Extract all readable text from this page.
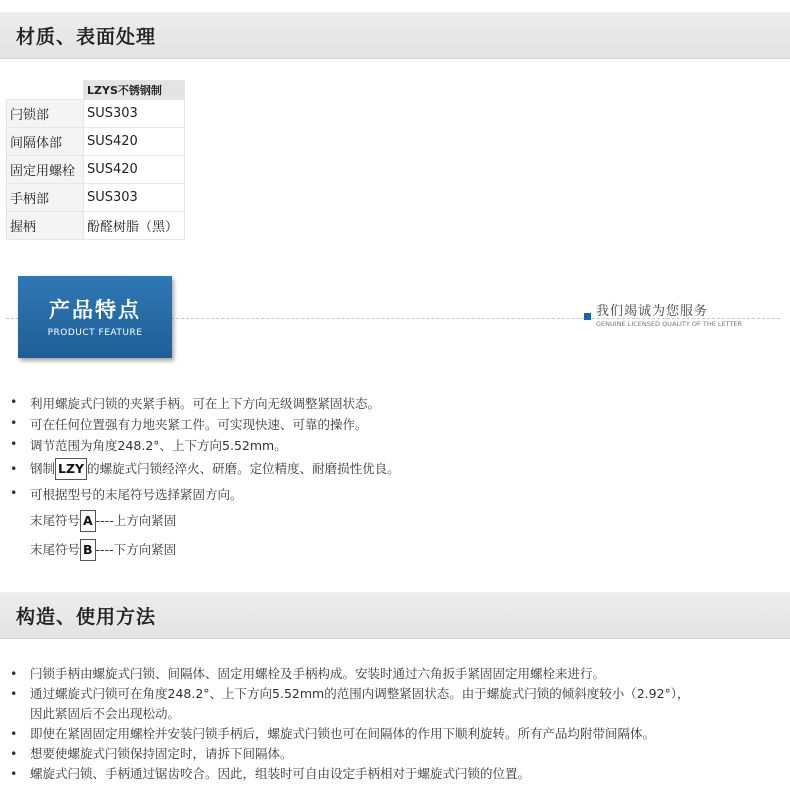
材质、表面处理
	LZYS不锈钢制
闩锁部	SUS303
间隔体部	SUS420
固定用螺栓	SUS420
手柄部	SUS303
握柄	酚醛树脂（黑）
产品特点
PRODUCT FEATURE
我们竭诚为您服务
GENUINE LICENSED QUALITY OF THE LETTER
• 利用螺旋式闩锁的夹紧手柄。可在上下方向无级调整紧固状态。
• 可在任何位置强有力地夹紧工件。可实现快速、可靠的操作。
• 调节范围为角度248.2°、上下方向5.52mm。
• 钢制 LZY 的螺旋式闩锁经淬火、研磨。定位精度、耐磨损性优良。
• 可根据型号的末尾符号选择紧固方向。
末尾符号 A ----上方向紧固
末尾符号 B ----下方向紧固
构造、使用方法
• 闩锁手柄由螺旋式闩锁、间隔体、固定用螺栓及手柄构成。安装时通过六角扳手紧固固定用螺栓来进行。
• 通过螺旋式闩锁可在角度248.2°、上下方向5.52mm的范围内调整紧固状态。由于螺旋式闩锁的倾斜度较小（2.92°），
因此紧固后不会出现松动。
• 即使在紧固固定用螺栓并安装闩锁手柄后，螺旋式闩锁也可在间隔体的作用下顺利旋转。所有产品均附带间隔体。
• 想要使螺旋式闩锁保持固定时，请拆下间隔体。
• 螺旋式闩锁、手柄通过锯齿咬合。因此，组装时可自由设定手柄相对于螺旋式闩锁的位置。
